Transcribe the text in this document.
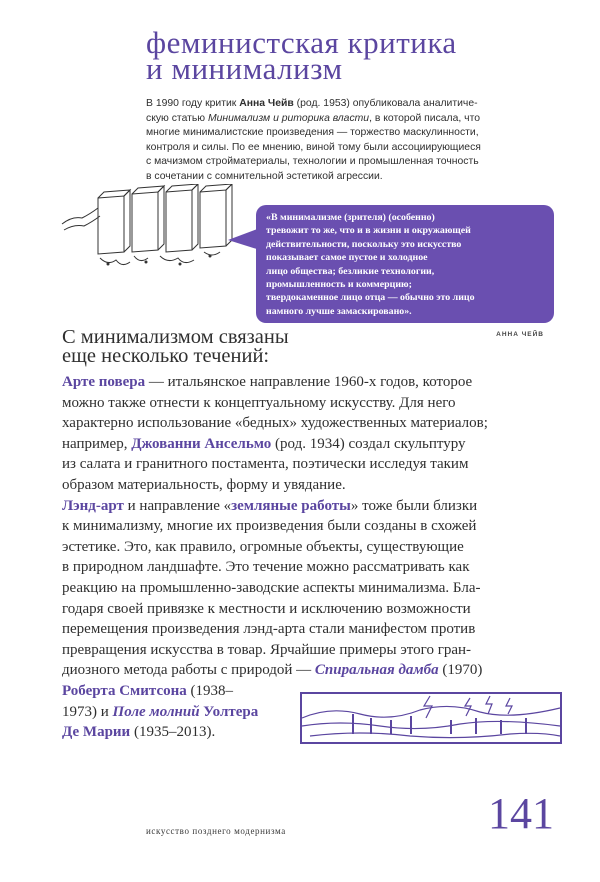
феминистская критика
и минимализм
В 1990 году критик Анна Чейв (род. 1953) опубликовала аналитиче-
скую статью Минимализм и риторика власти, в которой писала, что
многие минималистские произведения — торжество маскулинности,
контроля и силы. По ее мнению, виной тому были ассоциирующиеся
с мачизмом стройматериалы, технологии и промышленная точность
в сочетании с сомнительной эстетикой агрессии.
«В минимализме (зрителя) (особенно)
тревожит то же, что и в жизни и окружающей
действительности, поскольку это искусство
показывает самое пустое и холодное
лицо общества; безликие технологии,
промышленность и коммерцию;
твердокаменное лицо отца — обычно это лицо
намного лучше замаскировано».
АННА ЧЕЙВ
С минимализмом связаны
еще несколько течений:
Арте повера — итальянское направление 1960-х годов, которое
можно также отнести к концептуальному искусству. Для него
характерно использование «бедных» художественных материалов;
например, Джованни Ансельмо (род. 1934) создал скульптуру
из салата и гранитного постамента, поэтически исследуя таким
образом материальность, форму и увядание.
Лэнд-арт и направление «земляные работы» тоже были близки
к минимализму, многие их произведения были созданы в схожей
эстетике. Это, как правило, огромные объекты, существующие
в природном ландшафте. Это течение можно рассматривать как
реакцию на промышленно-заводские аспекты минимализма. Бла-
годаря своей привязке к местности и исключению возможности
перемещения произведения лэнд-арта стали манифестом против
превращения искусства в товар. Ярчайшие примеры этого гран-
диозного метода работы с природой — Спиральная дамба (1970)
Роберта Смитсона (1938–
1973) и Поле молний Уолтера
Де Марии (1935–2013).
искусство позднего модернизма	141
